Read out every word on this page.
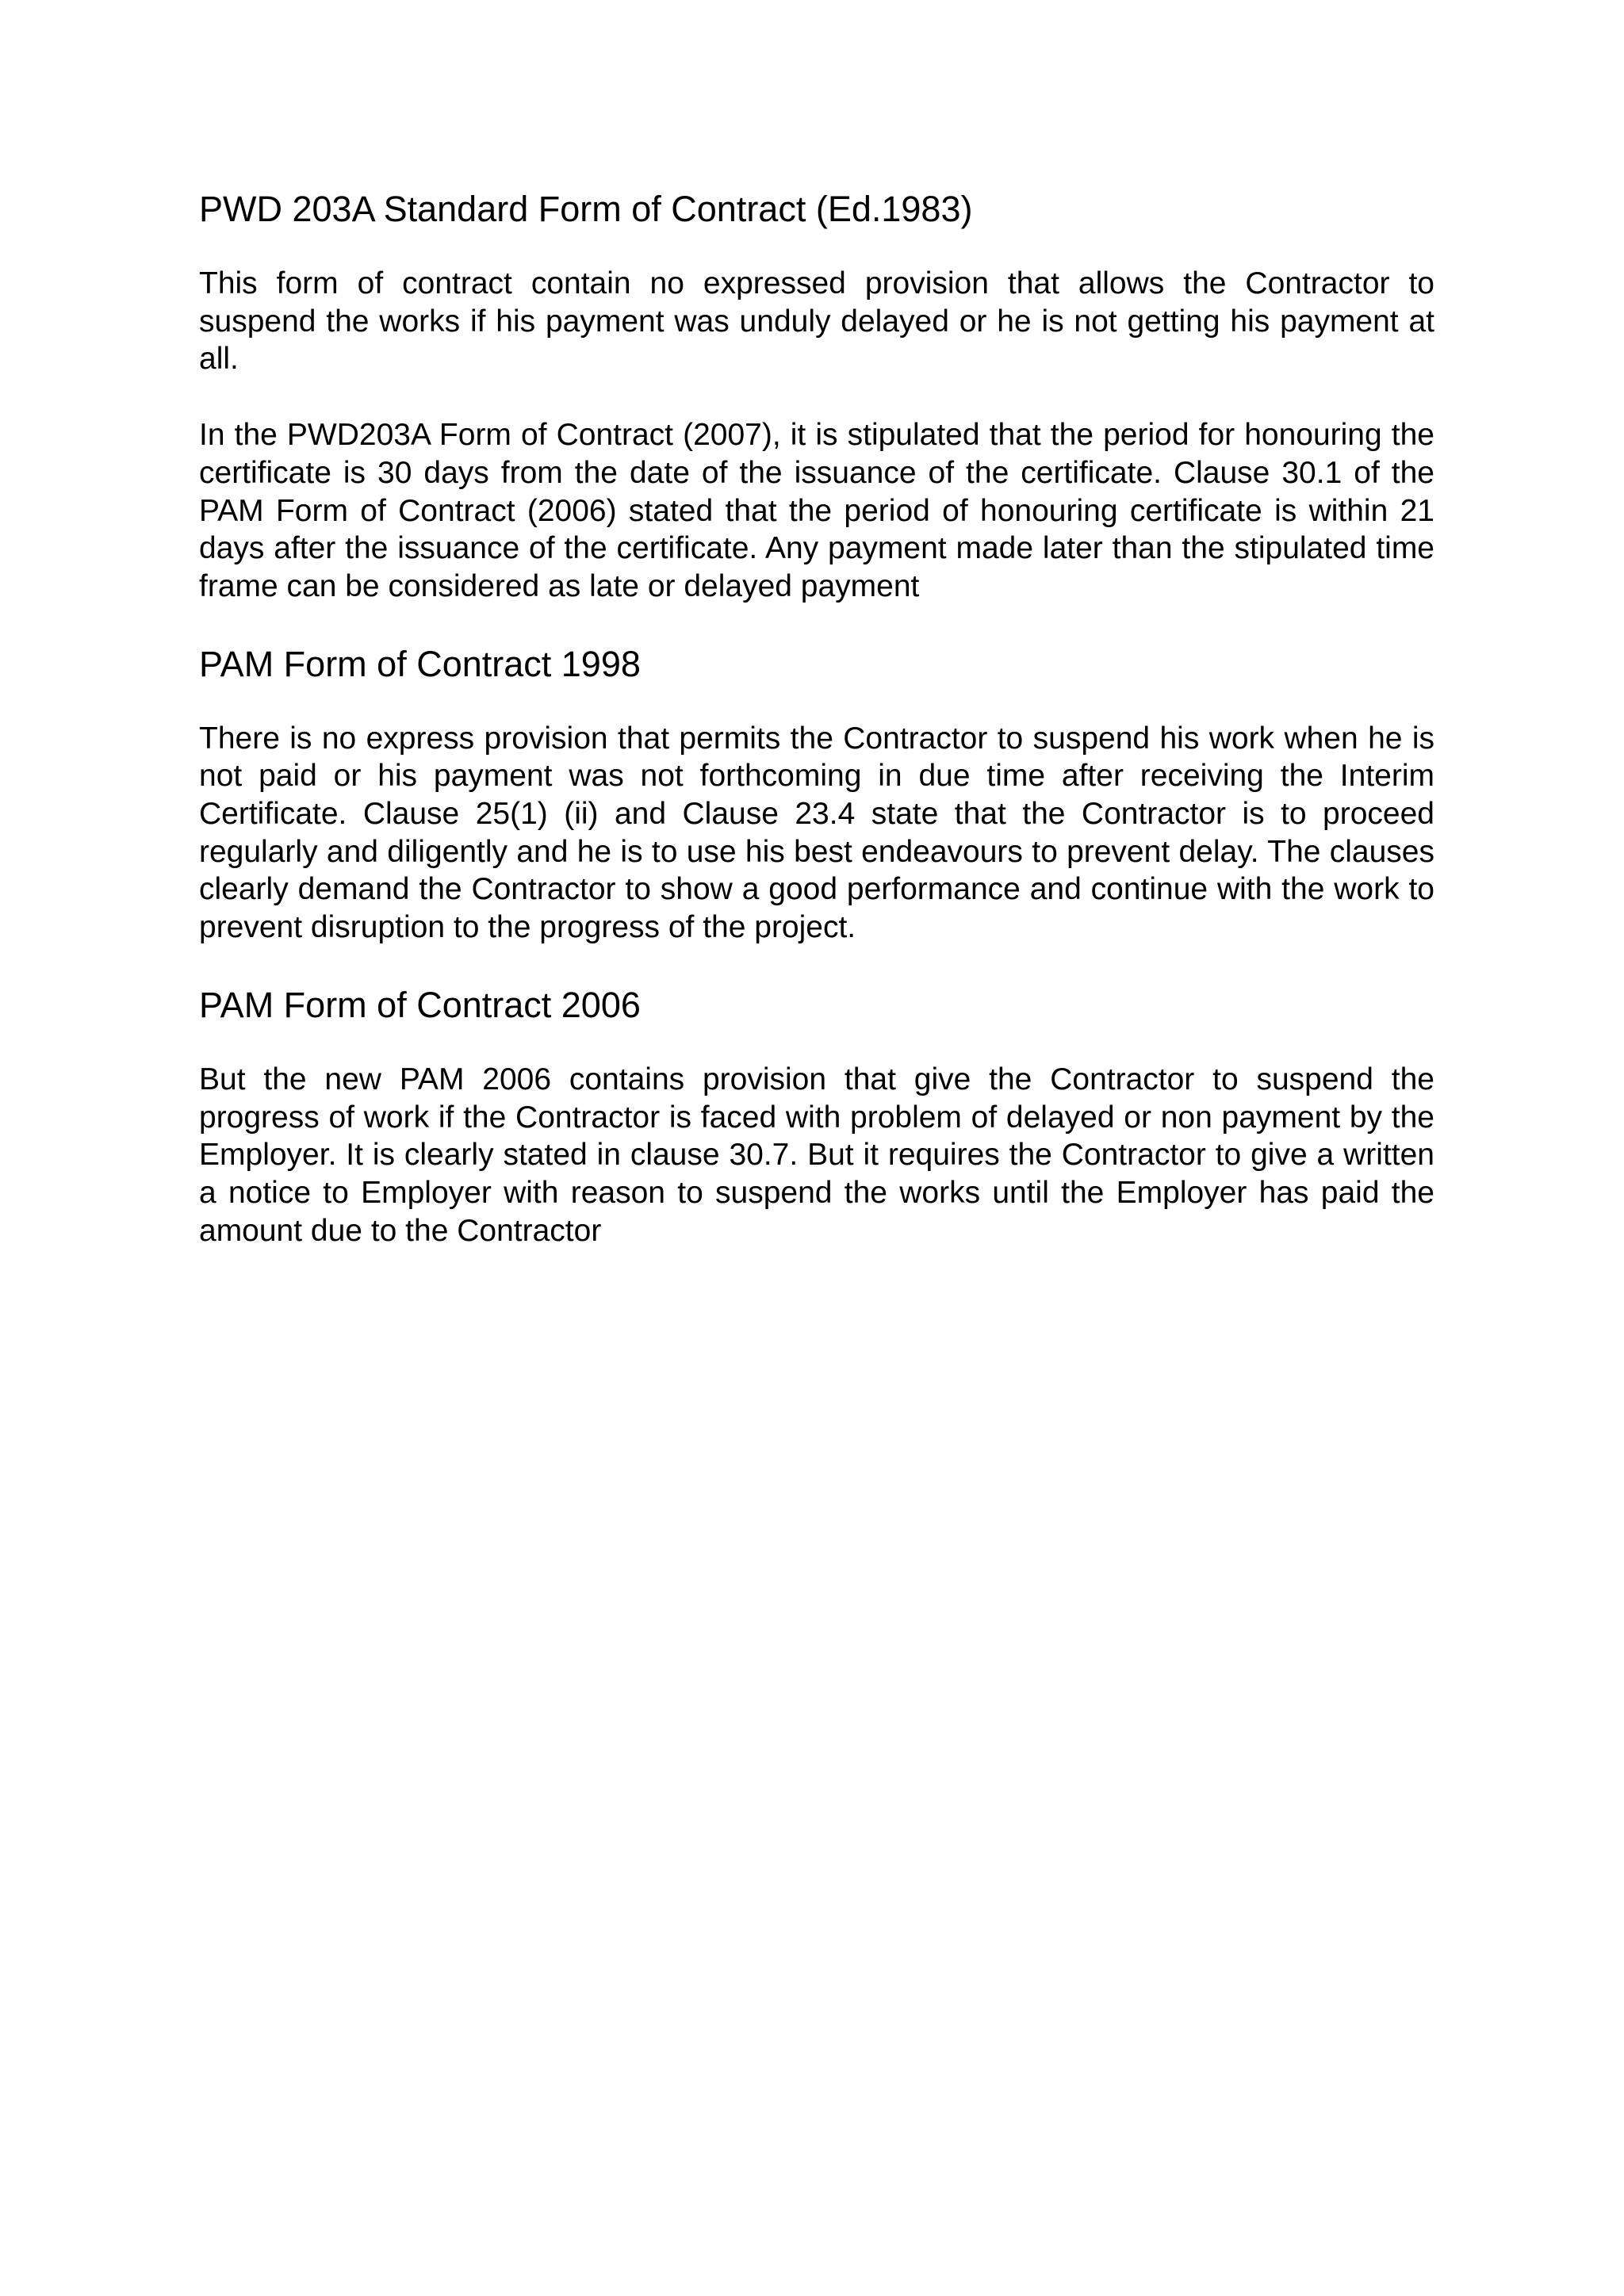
PWD 203A Standard Form of Contract (Ed.1983)

This form of contract contain no expressed provision that allows the Contractor to suspend the works if his payment was unduly delayed or he is not getting his payment at all.

In the PWD203A Form of Contract (2007), it is stipulated that the period for honouring the certificate is 30 days from the date of the issuance of the certificate. Clause 30.1 of the PAM Form of Contract (2006) stated that the period of honouring certificate is within 21 days after the issuance of the certificate. Any payment made later than the stipulated time frame can be considered as late or delayed payment

PAM Form of Contract 1998

There is no express provision that permits the Contractor to suspend his work when he is not paid or his payment was not forthcoming in due time after receiving the Interim Certificate. Clause 25(1) (ii) and Clause 23.4 state that the Contractor is to proceed regularly and diligently and he is to use his best endeavours to prevent delay. The clauses clearly demand the Contractor to show a good performance and continue with the work to prevent disruption to the progress of the project.

PAM Form of Contract 2006

But the new PAM 2006 contains provision that give the Contractor to suspend the progress of work if the Contractor is faced with problem of delayed or non payment by the Employer. It is clearly stated in clause 30.7. But it requires the Contractor to give a written a notice to Employer with reason to suspend the works until the Employer has paid the amount due to the Contractor
